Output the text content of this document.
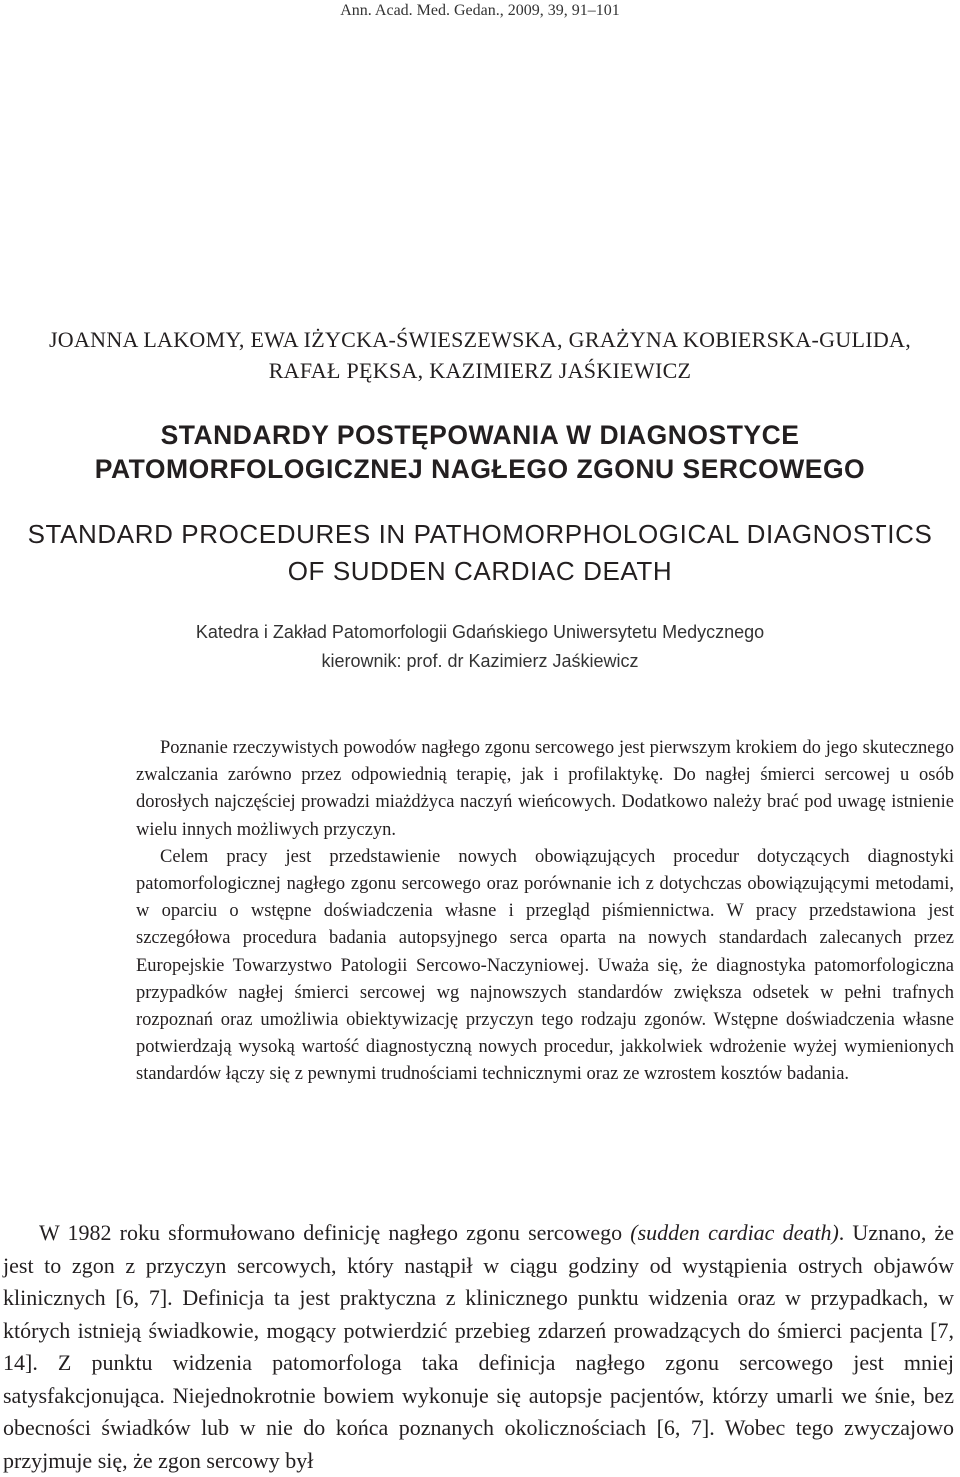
Ann. Acad. Med. Gedan., 2009, 39, 91–101
JOANNA LAKOMY, EWA IŻYCKA-ŚWIESZEWSKA, GRAŻYNA KOBIERSKA-GULIDA,
RAFAŁ PĘKSA, KAZIMIERZ JAŚKIEWICZ
STANDARDY POSTĘPOWANIA W DIAGNOSTYCE
PATOMORFOLOGICZNEJ NAGŁEGO ZGONU SERCOWEGO
STANDARD PROCEDURES IN PATHOMORPHOLOGICAL DIAGNOSTICS
OF SUDDEN CARDIAC DEATH
Katedra i Zakład Patomorfologii Gdańskiego Uniwersytetu Medycznego
kierownik: prof. dr Kazimierz Jaśkiewicz

Poznanie rzeczywistych powodów nagłego zgonu sercowego jest pierwszym krokiem do jego skutecznego zwalczania zarówno przez odpowiednią terapię, jak i profilaktykę. Do nagłej śmierci sercowej u osób dorosłych najczęściej prowadzi miażdżyca naczyń wieńcowych. Dodatkowo należy brać pod uwagę istnienie wielu innych możliwych przyczyn.

Celem pracy jest przedstawienie nowych obowiązujących procedur dotyczących diagnostyki patomorfologicznej nagłego zgonu sercowego oraz porównanie ich z dotychczas obowiązującymi metodami, w oparciu o wstępne doświadczenia własne i przegląd piśmiennictwa. W pracy przedstawiona jest szczegółowa procedura badania autopsyjnego serca oparta na nowych standardach zalecanych przez Europejskie Towarzystwo Patologii Sercowo-Naczyniowej. Uważa się, że diagnostyka patomorfologiczna przypadków nagłej śmierci sercowej wg najnowszych standardów zwiększa odsetek w pełni trafnych rozpoznań oraz umożliwia obiektywizację przyczyn tego rodzaju zgonów. Wstępne doświadczenia własne potwierdzają wysoką wartość diagnostyczną nowych procedur, jakkolwiek wdrożenie wyżej wymienionych standardów łączy się z pewnymi trudnościami technicznymi oraz ze wzrostem kosztów badania.

W 1982 roku sformułowano definicję nagłego zgonu sercowego (sudden cardiac death). Uznano, że jest to zgon z przyczyn sercowych, który nastąpił w ciągu godziny od wystąpienia ostrych objawów klinicznych [6, 7]. Definicja ta jest praktyczna z klinicznego punktu widzenia oraz w przypadkach, w których istnieją świadkowie, mogący potwierdzić przebieg zdarzeń prowadzących do śmierci pacjenta [7, 14]. Z punktu widzenia patomorfologa taka definicja nagłego zgonu sercowego jest mniej satysfakcjonująca. Niejednokrotnie bowiem wykonuje się autopsje pacjentów, którzy umarli we śnie, bez obecności świadków lub w nie do końca poznanych okolicznościach [6, 7]. Wobec tego zwyczajowo przyjmuje się, że zgon sercowy był
